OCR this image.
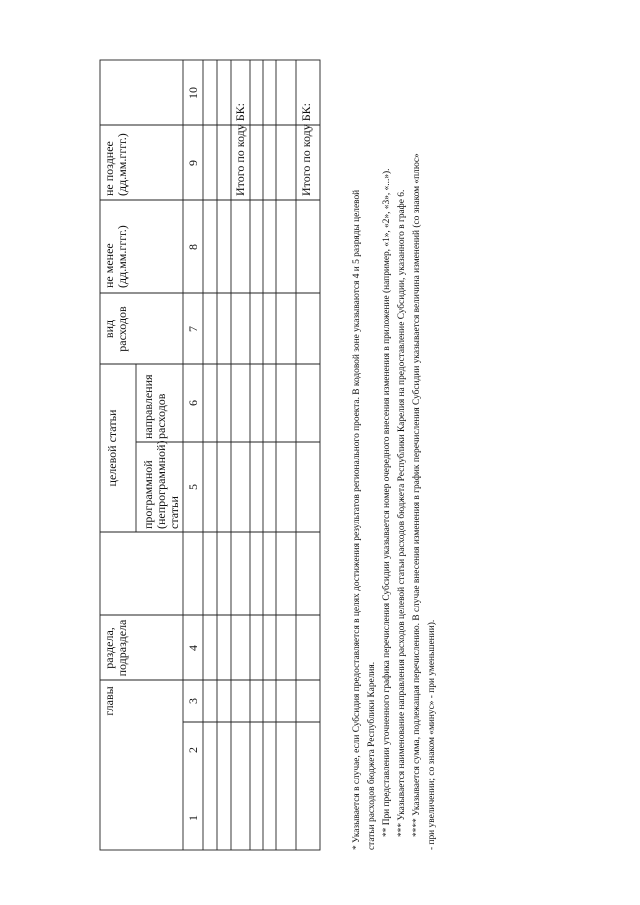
главы
раздела, подраздела
целевой статьи
программной (непрограммной) статьи
направления расходов
вид расходов
не менее (дд.мм.гггг.)
не позднее (дд.мм.гггг.)
1
2
3
4
5
6
7
8
9
10
Итого по коду БК:	Итого по коду БК:
* Указывается в случае, если Субсидия предоставляется в целях достижения результатов регионального проекта. В кодовой зоне указываются 4 и 5 разряды целевой статьи расходов бюджета Республики Карелия. ** При представлении уточненного графика перечисления Субсидии указывается номер очередного внесения изменения в приложение (например, «1», «2», «3», «...»). *** Указывается наименование направления расходов целевой статьи расходов бюджета Республики Карелия на предоставление Субсидии, указанного в графе 6. **** Указывается сумма, подлежащая перечислению. В случае внесения изменения в график перечисления Субсидии указывается величина изменений (со знаком «плюс» - при увеличении; со знаком «минус» - при уменьшении).
